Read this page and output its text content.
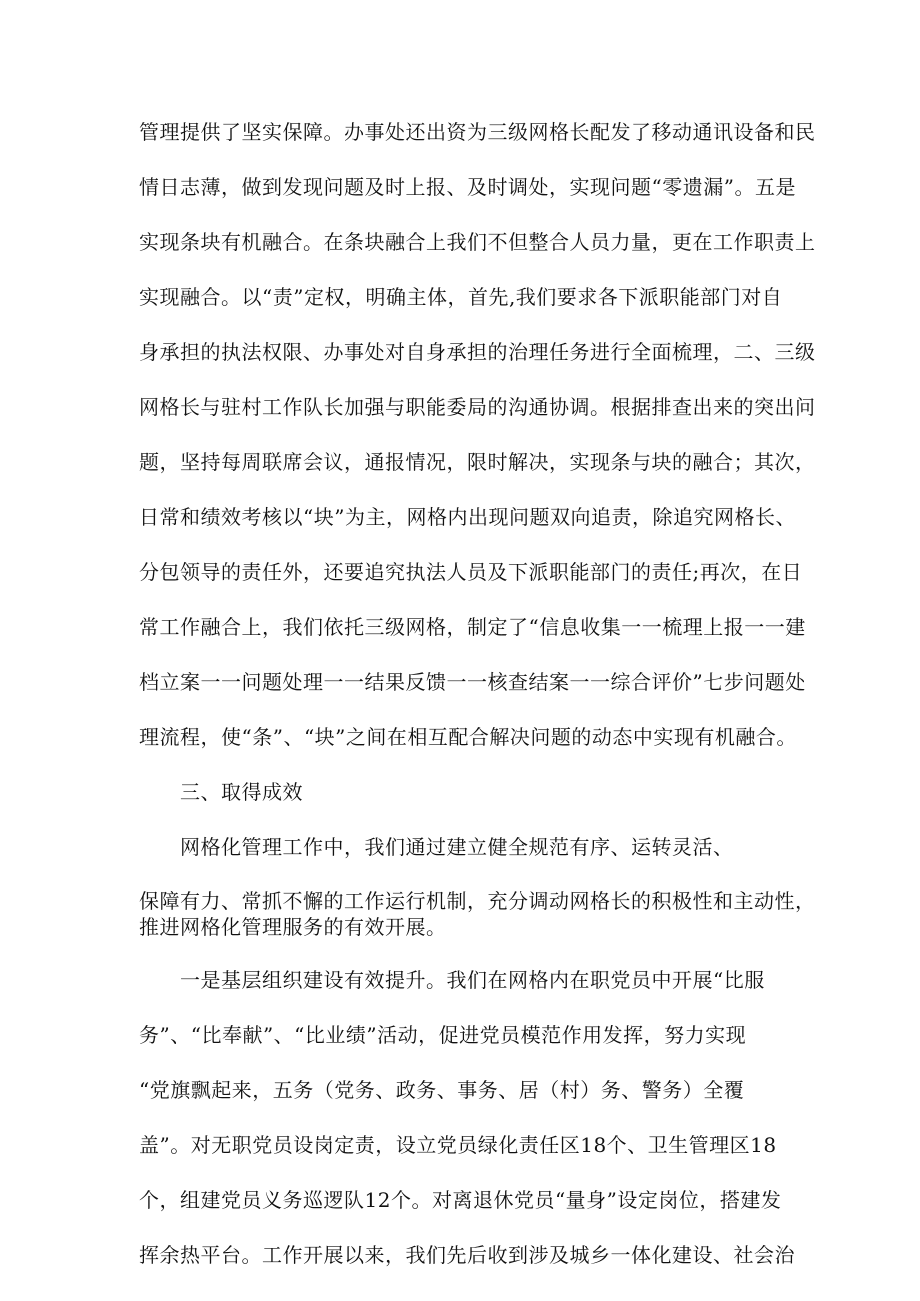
管理提供了坚实保障。办事处还出资为三级网格长配发了移动通讯设备和民

情日志薄，做到发现问题及时上报、及时调处，实现问题“零遗漏”。五是

实现条块有机融合。在条块融合上我们不但整合人员力量，更在工作职责上

实现融合。以“责”定权，明确主体，首先,我们要求各下派职能部门对自

身承担的执法权限、办事处对自身承担的治理任务进行全面梳理，二、三级

网格长与驻村工作队长加强与职能委局的沟通协调。根据排查出来的突出问

题，坚持每周联席会议，通报情况，限时解决，实现条与块的融合；其次，

日常和绩效考核以“块”为主，网格内出现问题双向追责，除追究网格长、

分包领导的责任外，还要追究执法人员及下派职能部门的责任;再次，在日

常工作融合上，我们依托三级网格，制定了“信息收集一一梳理上报一一建

档立案一一问题处理一一结果反馈一一核查结案一一综合评价”七步问题处

理流程，使“条”、“块”之间在相互配合解决问题的动态中实现有机融合。

三、取得成效

网格化管理工作中，我们通过建立健全规范有序、运转灵活、

保障有力、常抓不懈的工作运行机制，充分调动网格长的积极性和主动性，

推进网格化管理服务的有效开展。

一是基层组织建设有效提升。我们在网格内在职党员中开展“比服

务”、“比奉献”、“比业绩”活动，促进党员模范作用发挥，努力实现

“党旗飘起来，五务（党务、政务、事务、居（村）务、警务）全覆

盖”。对无职党员设岗定责，设立党员绿化责任区18个、卫生管理区18

个，组建党员义务巡逻队12个。对离退休党员“量身”设定岗位，搭建发

挥余热平台。工作开展以来，我们先后收到涉及城乡一体化建设、社会治
